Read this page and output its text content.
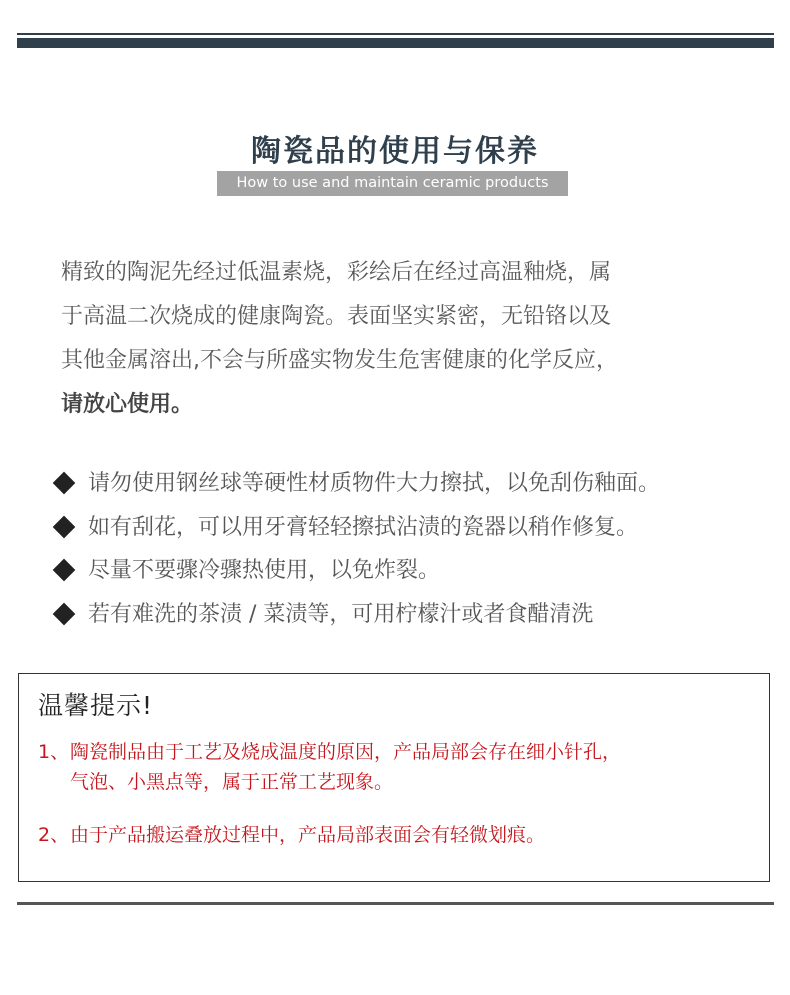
陶瓷品的使用与保养
How to use and maintain ceramic products

精致的陶泥先经过低温素烧，彩绘后在经过高温釉烧，属
于高温二次烧成的健康陶瓷。表面坚实紧密，无铅铬以及
其他金属溶出,不会与所盛实物发生危害健康的化学反应，
请放心使用。

请勿使用钢丝球等硬性材质物件大力擦拭，以免刮伤釉面。
如有刮花，可以用牙膏轻轻擦拭沾渍的瓷器以稍作修复。
尽量不要骤冷骤热使用，以免炸裂。
若有难洗的茶渍 / 菜渍等，可用柠檬汁或者食醋清洗
温馨提示!
1、陶瓷制品由于工艺及烧成温度的原因，产品局部会存在细小针孔，
气泡、小黑点等，属于正常工艺现象。
2、由于产品搬运叠放过程中，产品局部表面会有轻微划痕。
